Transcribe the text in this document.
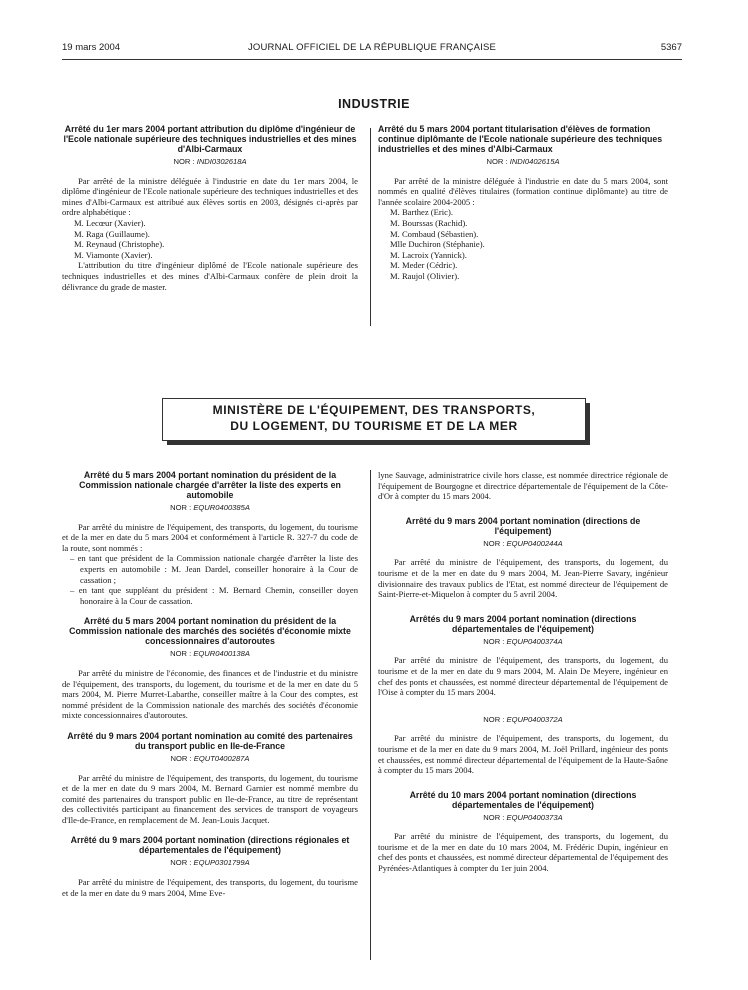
19 mars 2004	JOURNAL OFFICIEL DE LA RÉPUBLIQUE FRANÇAISE	5367
INDUSTRIE
Arrêté du 1er mars 2004 portant attribution du diplôme d'ingénieur de l'Ecole nationale supérieure des techniques industrielles et des mines d'Albi-Carmaux
NOR : INDI0302618A

Par arrêté de la ministre déléguée à l'industrie en date du 1er mars 2004, le diplôme d'ingénieur de l'Ecole nationale supérieure des techniques industrielles et des mines d'Albi-Carmaux est attribué aux élèves sortis en 2003, désignés ci-après par ordre alphabétique :

M. Lecœur (Xavier).
M. Raga (Guillaume).
M. Reynaud (Christophe).
M. Viamonte (Xavier).

L'attribution du titre d'ingénieur diplômé de l'Ecole nationale supérieure des techniques industrielles et des mines d'Albi-Carmaux confère de plein droit la délivrance du grade de master.

Arrêté du 5 mars 2004 portant titularisation d'élèves de formation continue diplômante de l'Ecole nationale supérieure des techniques industrielles et des mines d'Albi-Carmaux
NOR : INDI0402615A

Par arrêté de la ministre déléguée à l'industrie en date du 5 mars 2004, sont nommés en qualité d'élèves titulaires (formation continue diplômante) au titre de l'année scolaire 2004-2005 :

M. Barthez (Eric).
M. Bourssas (Rachid).
M. Combaud (Sébastien).
Mlle Duchiron (Stéphanie).
M. Lacroix (Yannick).
M. Meder (Cédric).
M. Raujol (Olivier).
MINISTÈRE DE L'ÉQUIPEMENT, DES TRANSPORTS,
DU LOGEMENT, DU TOURISME ET DE LA MER
Arrêté du 5 mars 2004 portant nomination du président de la Commission nationale chargée d'arrêter la liste des experts en automobile
NOR : EQUR0400385A

Par arrêté du ministre de l'équipement, des transports, du logement, du tourisme et de la mer en date du 5 mars 2004 et conformément à l'article R. 327-7 du code de la route, sont nommés :

– en tant que président de la Commission nationale chargée d'arrêter la liste des experts en automobile : M. Jean Dardel, conseiller honoraire à la Cour de cassation ;
– en tant que suppléant du président : M. Bernard Chemin, conseiller doyen honoraire à la Cour de cassation.
Arrêté du 5 mars 2004 portant nomination du président de la Commission nationale des marchés des sociétés d'économie mixte concessionnaires d'autoroutes
NOR : EQUR0400138A

Par arrêté du ministre de l'économie, des finances et de l'industrie et du ministre de l'équipement, des transports, du logement, du tourisme et de la mer en date du 5 mars 2004, M. Pierre Murret-Labarthe, conseiller maître à la Cour des comptes, est nommé président de la Commission nationale des marchés des sociétés d'économie mixte concessionnaires d'autoroutes.

Arrêté du 9 mars 2004 portant nomination au comité des partenaires du transport public en Ile-de-France
NOR : EQUT0400287A

Par arrêté du ministre de l'équipement, des transports, du logement, du tourisme et de la mer en date du 9 mars 2004, M. Bernard Garnier est nommé membre du comité des partenaires du transport public en Ile-de-France, au titre de représentant des collectivités participant au financement des services de transport de voyageurs d'Ile-de-France, en remplacement de M. Jean-Louis Jacquet.

Arrêté du 9 mars 2004 portant nomination (directions régionales et départementales de l'équipement)
NOR : EQUP0301799A

Par arrêté du ministre de l'équipement, des transports, du logement, du tourisme et de la mer en date du 9 mars 2004, Mme Eve-

lyne Sauvage, administratrice civile hors classe, est nommée directrice régionale de l'équipement de Bourgogne et directrice départementale de l'équipement de la Côte-d'Or à compter du 15 mars 2004.

Arrêté du 9 mars 2004 portant nomination (directions de l'équipement)
NOR : EQUP0400244A

Par arrêté du ministre de l'équipement, des transports, du logement, du tourisme et de la mer en date du 9 mars 2004, M. Jean-Pierre Savary, ingénieur divisionnaire des travaux publics de l'Etat, est nommé directeur de l'équipement de Saint-Pierre-et-Miquelon à compter du 5 avril 2004.

Arrêtés du 9 mars 2004 portant nomination (directions départementales de l'équipement)
NOR : EQUP0400374A

Par arrêté du ministre de l'équipement, des transports, du logement, du tourisme et de la mer en date du 9 mars 2004, M. Alain De Meyere, ingénieur en chef des ponts et chaussées, est nommé directeur départemental de l'équipement de l'Oise à compter du 15 mars 2004.

NOR : EQUP0400372A

Par arrêté du ministre de l'équipement, des transports, du logement, du tourisme et de la mer en date du 9 mars 2004, M. Joël Prillard, ingénieur des ponts et chaussées, est nommé directeur départemental de l'équipement de la Haute-Saône à compter du 15 mars 2004.

Arrêté du 10 mars 2004 portant nomination (directions départementales de l'équipement)
NOR : EQUP0400373A

Par arrêté du ministre de l'équipement, des transports, du logement, du tourisme et de la mer en date du 10 mars 2004, M. Frédéric Dupin, ingénieur en chef des ponts et chaussées, est nommé directeur départemental de l'équipement des Pyrénées-Atlantiques à compter du 1er juin 2004.
